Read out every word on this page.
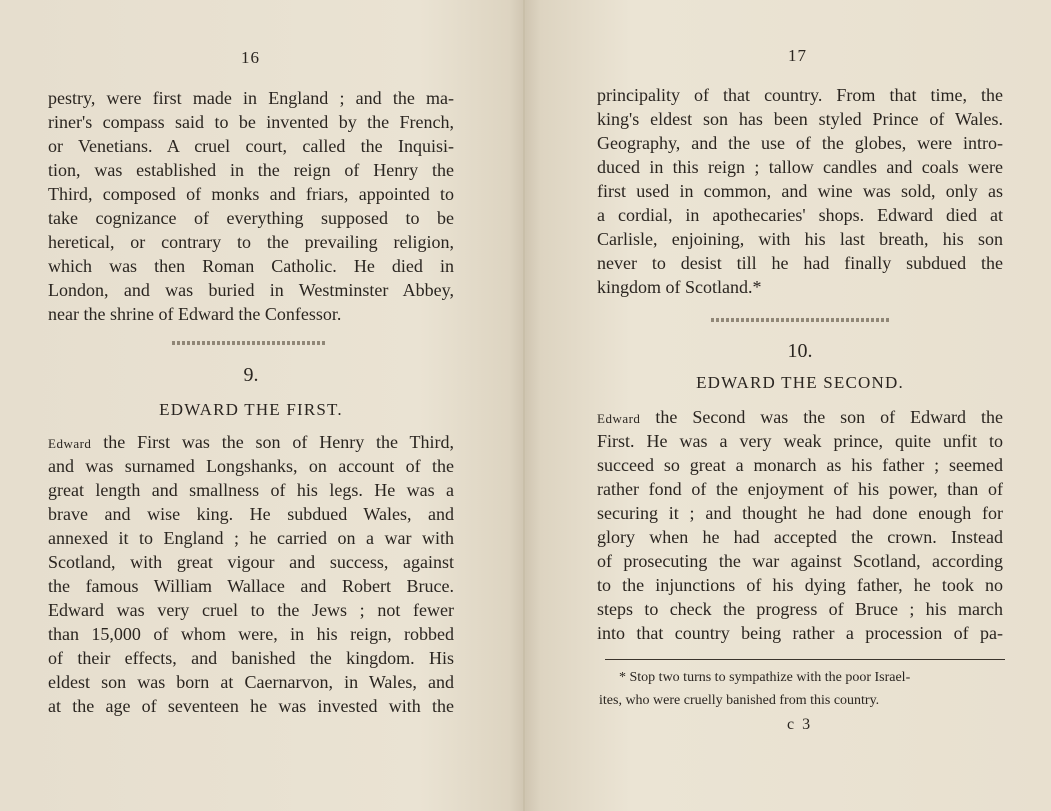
16
pestry, were first made in England ; and the ma-
riner's compass said to be invented by the French,
or Venetians. A cruel court, called the Inquisi-
tion, was established in the reign of Henry the
Third, composed of monks and friars, appointed to
take cognizance of everything supposed to be
heretical, or contrary to the prevailing religion,
which was then Roman Catholic. He died in
London, and was buried in Westminster Abbey,
near the shrine of Edward the Confessor.
9.
EDWARD THE FIRST.
Edward the First was the son of Henry the Third,
and was surnamed Longshanks, on account of the
great length and smallness of his legs. He was a
brave and wise king. He subdued Wales, and
annexed it to England ; he carried on a war with
Scotland, with great vigour and success, against
the famous William Wallace and Robert Bruce.
Edward was very cruel to the Jews ; not fewer
than 15,000 of whom were, in his reign, robbed
of their effects, and banished the kingdom. His
eldest son was born at Caernarvon, in Wales, and
at the age of seventeen he was invested with the
17
principality of that country. From that time, the
king's eldest son has been styled Prince of Wales.
Geography, and the use of the globes, were intro-
duced in this reign ; tallow candles and coals were
first used in common, and wine was sold, only as
a cordial, in apothecaries' shops. Edward died at
Carlisle, enjoining, with his last breath, his son
never to desist till he had finally subdued the
kingdom of Scotland.*
10.
EDWARD THE SECOND.
Edward the Second was the son of Edward the
First. He was a very weak prince, quite unfit to
succeed so great a monarch as his father ; seemed
rather fond of the enjoyment of his power, than of
securing it ; and thought he had done enough for
glory when he had accepted the crown. Instead
of prosecuting the war against Scotland, according
to the injunctions of his dying father, he took no
steps to check the progress of Bruce ; his march
into that country being rather a procession of pa-
* Stop two turns to sympathize with the poor Israel-
ites, who were cruelly banished from this country.
c 3
